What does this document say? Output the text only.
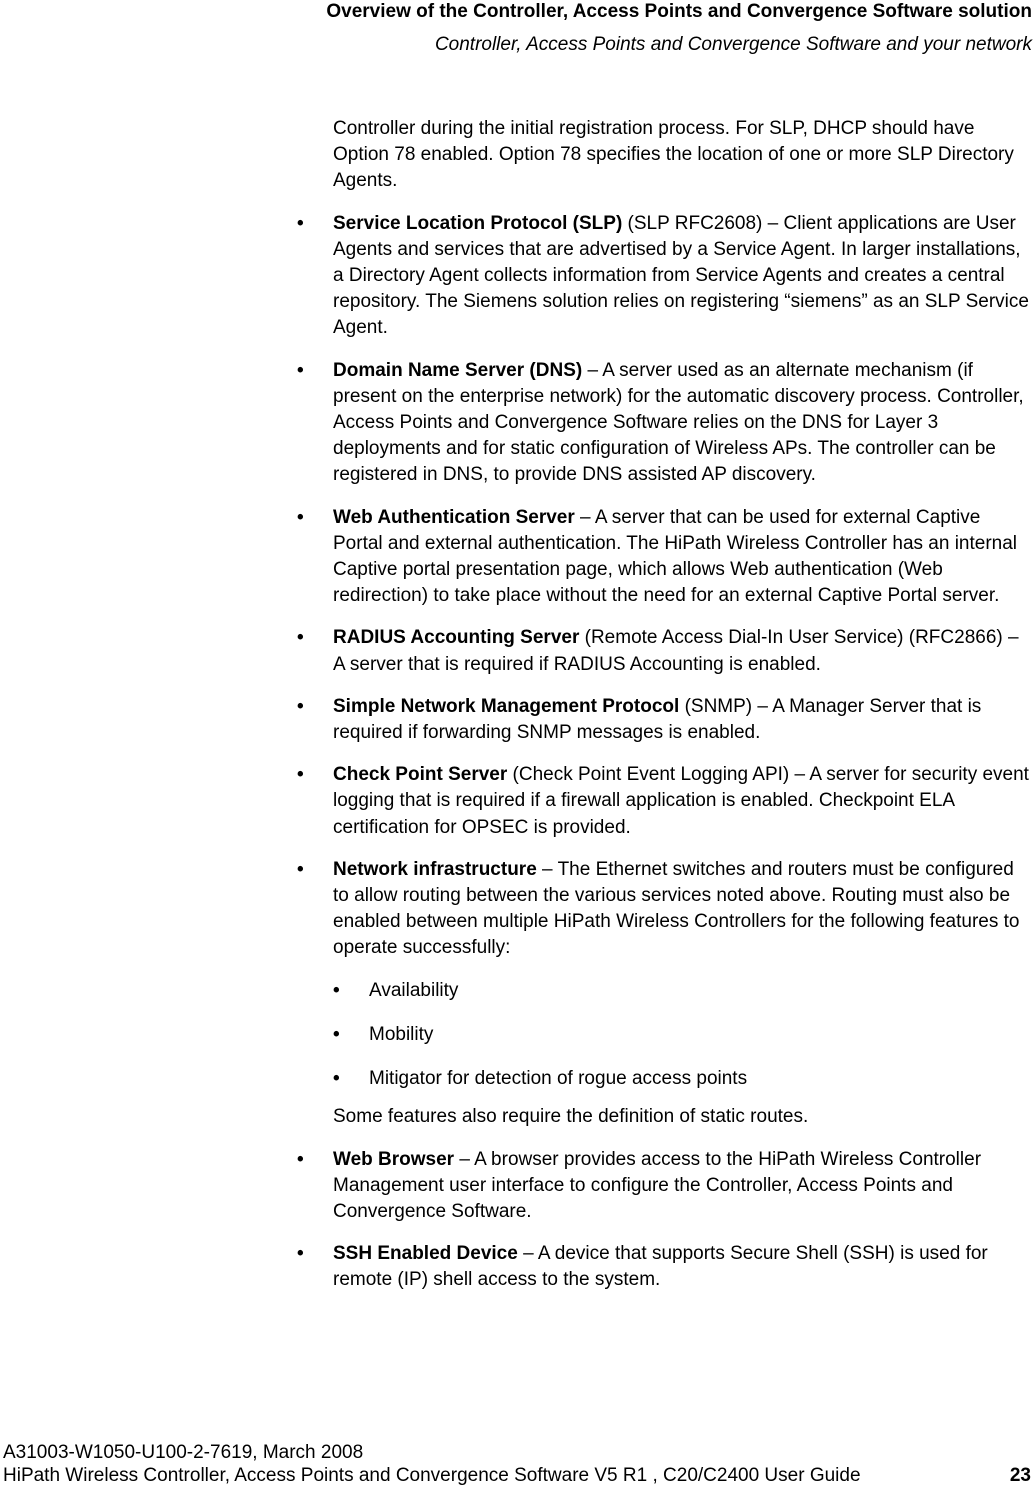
Overview of the Controller, Access Points and Convergence Software solution
Controller, Access Points and Convergence Software and your network

Controller during the initial registration process. For SLP, DHCP should have Option 78 enabled. Option 78 specifies the location of one or more SLP Directory Agents.

• Service Location Protocol (SLP) (SLP RFC2608) – Client applications are User Agents and services that are advertised by a Service Agent. In larger installations, a Directory Agent collects information from Service Agents and creates a central repository. The Siemens solution relies on registering “siemens” as an SLP Service Agent.
• Domain Name Server (DNS) – A server used as an alternate mechanism (if present on the enterprise network) for the automatic discovery process. Controller, Access Points and Convergence Software relies on the DNS for Layer 3 deployments and for static configuration of Wireless APs. The controller can be registered in DNS, to provide DNS assisted AP discovery.
• Web Authentication Server – A server that can be used for external Captive Portal and external authentication. The HiPath Wireless Controller has an internal Captive portal presentation page, which allows Web authentication (Web redirection) to take place without the need for an external Captive Portal server.
• RADIUS Accounting Server (Remote Access Dial-In User Service) (RFC2866) – A server that is required if RADIUS Accounting is enabled.
• Simple Network Management Protocol (SNMP) – A Manager Server that is required if forwarding SNMP messages is enabled.
• Check Point Server (Check Point Event Logging API) – A server for security event logging that is required if a firewall application is enabled. Checkpoint ELA certification for OPSEC is provided.
• Network infrastructure – The Ethernet switches and routers must be configured to allow routing between the various services noted above. Routing must also be enabled between multiple HiPath Wireless Controllers for the following features to operate successfully:
• Availability
• Mobility
• Mitigator for detection of rogue access points

Some features also require the definition of static routes.

• Web Browser – A browser provides access to the HiPath Wireless Controller Management user interface to configure the Controller, Access Points and Convergence Software.
• SSH Enabled Device – A device that supports Secure Shell (SSH) is used for remote (IP) shell access to the system.
A31003-W1050-U100-2-7619, March 2008
HiPath Wireless Controller, Access Points and Convergence Software V5 R1 , C20/C2400 User Guide	23
